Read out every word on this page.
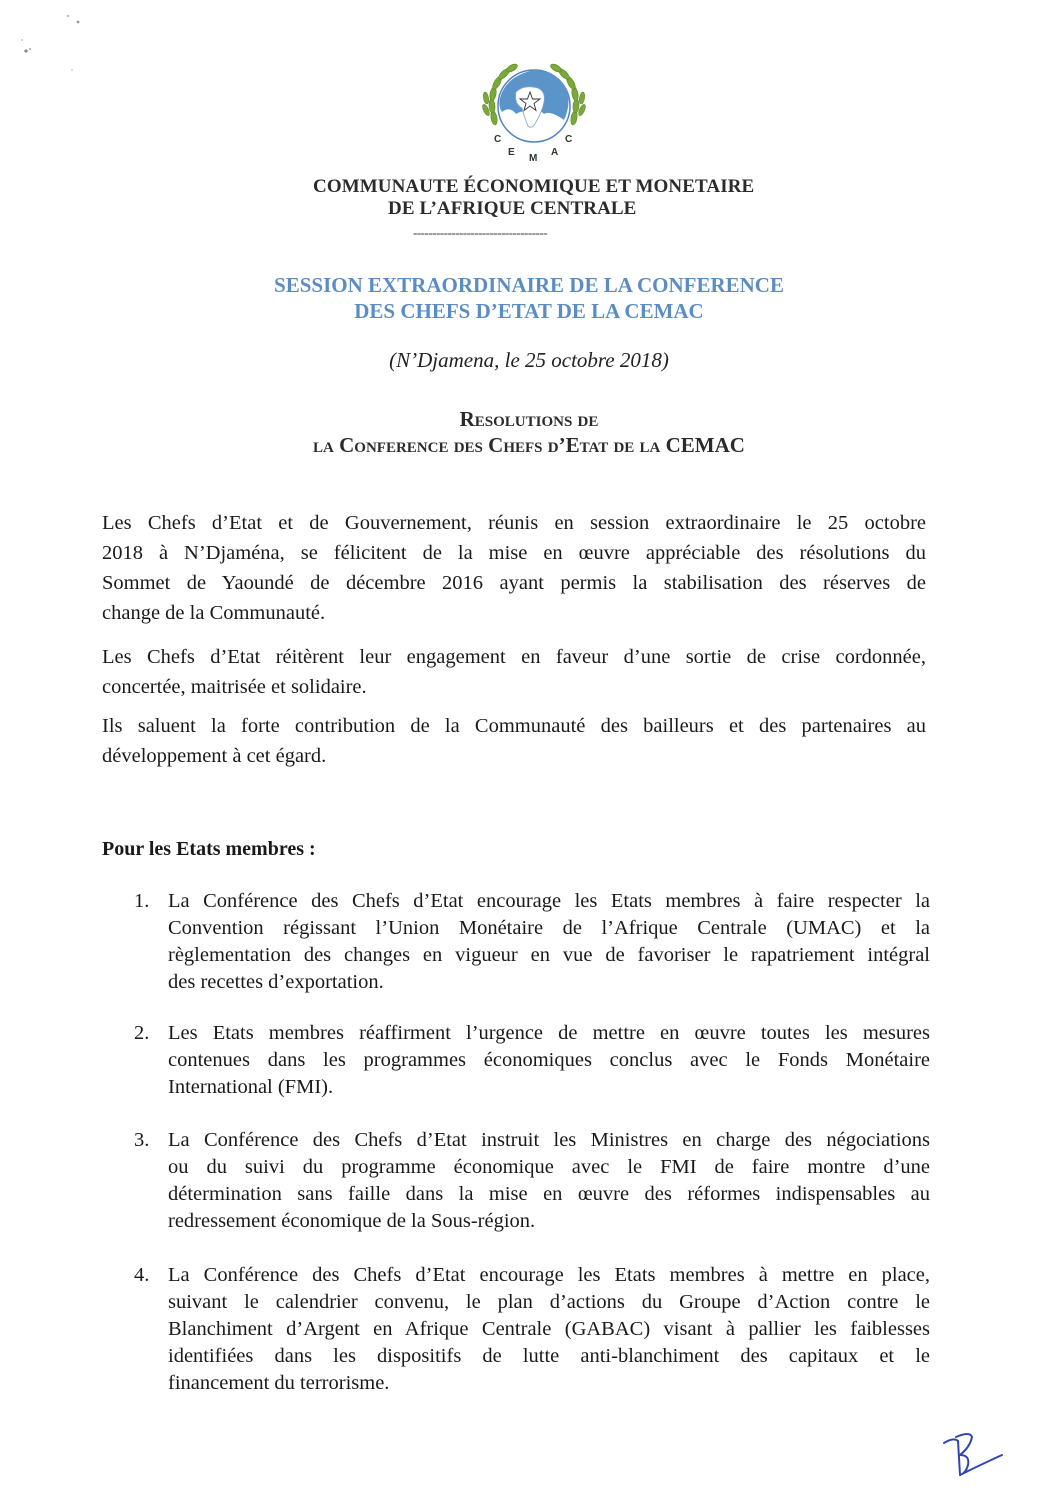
C
E
M
A
C
COMMUNAUTE ÉCONOMIQUE ET MONETAIRE
DE L’AFRIQUE CENTRALE
-----------------------------------
SESSION EXTRAORDINAIRE DE LA CONFERENCE
DES CHEFS D’ETAT DE LA CEMAC
(N’Djamena, le 25 octobre 2018)
Resolutions de
la Conference des Chefs d’Etat de la CEMAC
Les Chefs d’Etat et de Gouvernement, réunis en session extraordinaire le 25 octobre
2018 à N’Djaména, se félicitent de la mise en œuvre appréciable des résolutions du
Sommet de Yaoundé de décembre 2016 ayant permis la stabilisation des réserves de
change de la Communauté.
Les Chefs d’Etat réitèrent leur engagement en faveur d’une sortie de crise cordonnée,
concertée, maitrisée et solidaire.
Ils saluent la forte contribution de la Communauté des bailleurs et des partenaires au
développement à cet égard.
Pour les Etats membres :
1. La Conférence des Chefs d’Etat encourage les Etats membres à faire respecter la
Convention régissant l’Union Monétaire de l’Afrique Centrale (UMAC) et la
règlementation des changes en vigueur en vue de favoriser le rapatriement intégral
des recettes d’exportation.
2. Les Etats membres réaffirment l’urgence de mettre en œuvre toutes les mesures
contenues dans les programmes économiques conclus avec le Fonds Monétaire
International (FMI).
3. La Conférence des Chefs d’Etat instruit les Ministres en charge des négociations
ou du suivi du programme économique avec le FMI de faire montre d’une
détermination sans faille dans la mise en œuvre des réformes indispensables au
redressement économique de la Sous-région.
4. La Conférence des Chefs d’Etat encourage les Etats membres à mettre en place,
suivant le calendrier convenu, le plan d’actions du Groupe d’Action contre le
Blanchiment d’Argent en Afrique Centrale (GABAC) visant à pallier les faiblesses
identifiées dans les dispositifs de lutte anti-blanchiment des capitaux et le
financement du terrorisme.
